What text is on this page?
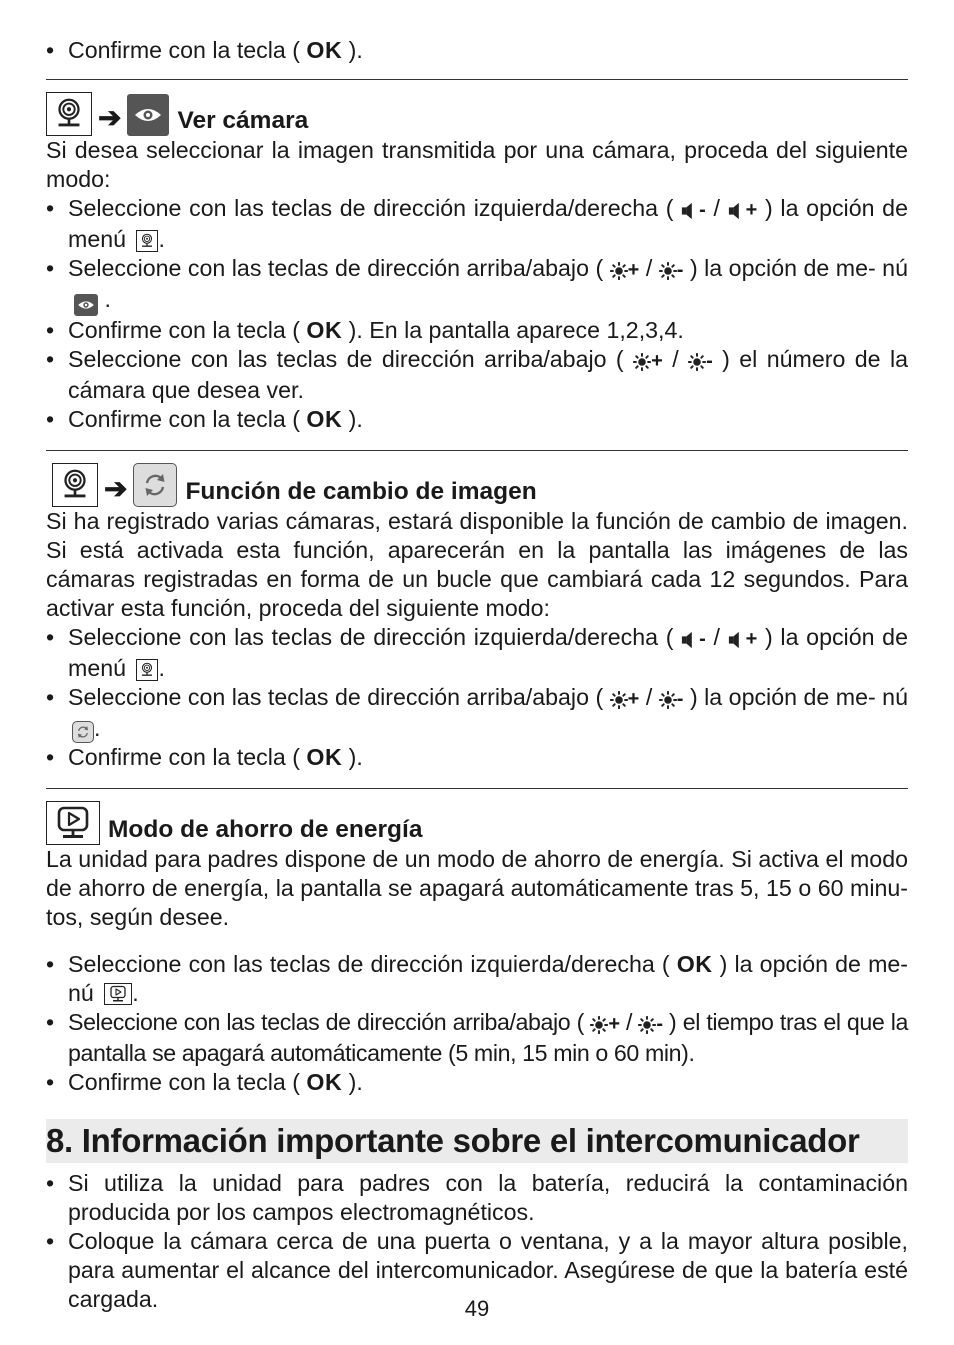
• Confirme con la tecla ( OK ).
➔ Ver cámara

Si desea seleccionar la imagen transmitida por una cámara, proceda del siguiente modo:

• Seleccione con las teclas de dirección izquierda/derecha ( - / + ) la opción de menú .
• Seleccione con las teclas de dirección arriba/abajo ( + / - ) la opción de me- nú
.
• Confirme con la tecla ( OK ). En la pantalla aparece 1,2,3,4.
• Seleccione con las teclas de dirección arriba/abajo ( + / - ) el número de la cámara que desea ver.
• Confirme con la tecla ( OK ).
➔ Función de cambio de imagen

Si ha registrado varias cámaras, estará disponible la función de cambio de imagen. Si está activada esta función, aparecerán en la pantalla las imágenes de las cámaras registradas en forma de un bucle que cambiará cada 12 segundos. Para activar esta función, proceda del siguiente modo:

• Seleccione con las teclas de dirección izquierda/derecha ( - / + ) la opción de menú .
• Seleccione con las teclas de dirección arriba/abajo ( + / - ) la opción de me- nú
.
• Confirme con la tecla ( OK ).
Modo de ahorro de energía

La unidad para padres dispone de un modo de ahorro de energía. Si activa el modo de ahorro de energía, la pantalla se apagará automáticamente tras 5, 15 o 60 minu- tos, según desee.

• Seleccione con las teclas de dirección izquierda/derecha ( OK ) la opción de me- nú .
• Seleccione con las teclas de dirección arriba/abajo ( + / - ) el tiempo tras el que la pantalla se apagará automáticamente (5 min, 15 min o 60 min).
• Confirme con la tecla ( OK ).
8. Información importante sobre el intercomunicador
• Si utiliza la unidad para padres con la batería, reducirá la contaminación producida por los campos electromagnéticos.
• Coloque la cámara cerca de una puerta o ventana, y a la mayor altura posible, para aumentar el alcance del intercomunicador. Asegúrese de que la batería esté cargada.	49
